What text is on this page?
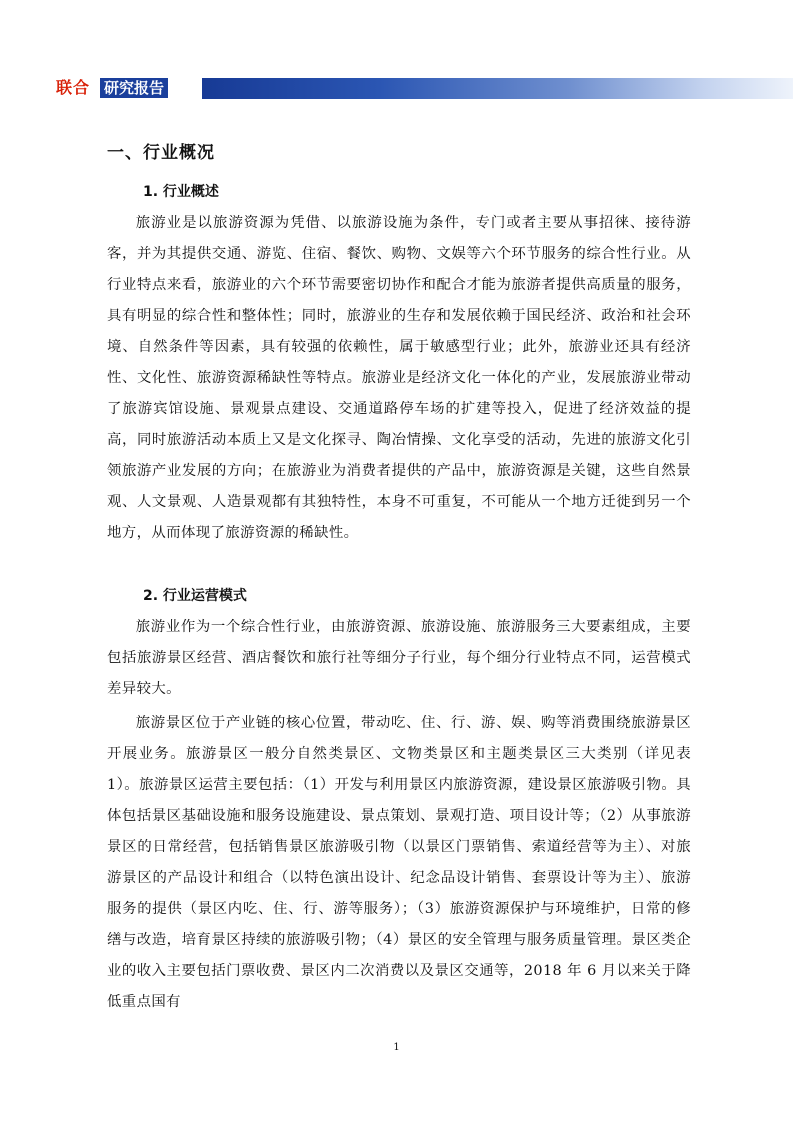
联合 研究报告
一、行业概况
1. 行业概述

旅游业是以旅游资源为凭借、以旅游设施为条件，专门或者主要从事招徕、接待游客，并为其提供交通、游览、住宿、餐饮、购物、文娱等六个环节服务的综合性行业。从行业特点来看，旅游业的六个环节需要密切协作和配合才能为旅游者提供高质量的服务，具有明显的综合性和整体性；同时，旅游业的生存和发展依赖于国民经济、政治和社会环境、自然条件等因素，具有较强的依赖性，属于敏感型行业；此外，旅游业还具有经济性、文化性、旅游资源稀缺性等特点。旅游业是经济文化一体化的产业，发展旅游业带动了旅游宾馆设施、景观景点建设、交通道路停车场的扩建等投入，促进了经济效益的提高，同时旅游活动本质上又是文化探寻、陶冶情操、文化享受的活动，先进的旅游文化引领旅游产业发展的方向；在旅游业为消费者提供的产品中，旅游资源是关键，这些自然景观、人文景观、人造景观都有其独特性，本身不可重复，不可能从一个地方迁徙到另一个地方，从而体现了旅游资源的稀缺性。

2. 行业运营模式

旅游业作为一个综合性行业，由旅游资源、旅游设施、旅游服务三大要素组成，主要包括旅游景区经营、酒店餐饮和旅行社等细分子行业，每个细分行业特点不同，运营模式差异较大。

旅游景区位于产业链的核心位置，带动吃、住、行、游、娱、购等消费围绕旅游景区开展业务。旅游景区一般分自然类景区、文物类景区和主题类景区三大类别（详见表 1）。旅游景区运营主要包括：（1）开发与利用景区内旅游资源，建设景区旅游吸引物。具体包括景区基础设施和服务设施建设、景点策划、景观打造、项目设计等；（2）从事旅游景区的日常经营，包括销售景区旅游吸引物（以景区门票销售、索道经营等为主）、对旅游景区的产品设计和组合（以特色演出设计、纪念品设计销售、套票设计等为主）、旅游服务的提供（景区内吃、住、行、游等服务）；（3）旅游资源保护与环境维护，日常的修缮与改造，培育景区持续的旅游吸引物；（4）景区的安全管理与服务质量管理。景区类企业的收入主要包括门票收费、景区内二次消费以及景区交通等，2018 年 6 月以来关于降低重点国有

1
